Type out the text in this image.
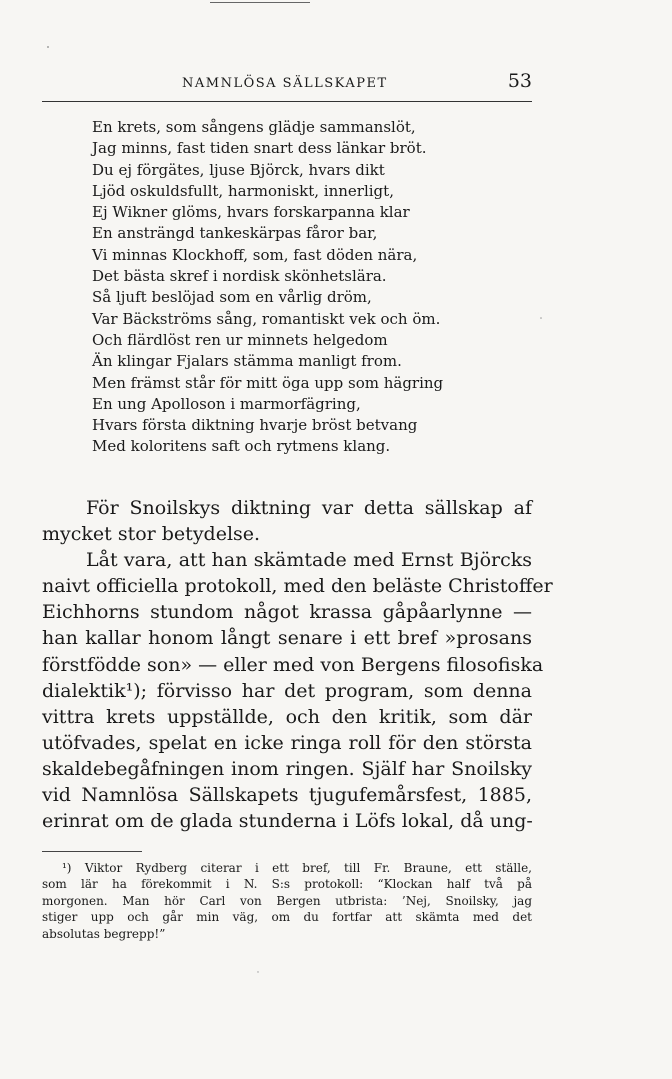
NAMNLÖSA SÄLLSKAPET	53
En krets, som sångens glädje sammanslöt,
Jag minns, fast tiden snart dess länkar bröt.
Du ej förgätes, ljuse Björck, hvars dikt
Ljöd oskuldsfullt, harmoniskt, innerligt,
Ej Wikner glöms, hvars forskarpanna klar
En ansträngd tankeskärpas fåror bar,
Vi minnas Klockhoff, som, fast döden nära,
Det bästa skref i nordisk skönhetslära.
Så ljuft beslöjad som en vårlig dröm,
Var Bäckströms sång, romantiskt vek och öm.
Och flärdlöst ren ur minnets helgedom
Än klingar Fjalars stämma manligt from.
Men främst står för mitt öga upp som hägring
En ung Apolloson i marmorfägring,
Hvars första diktning hvarje bröst betvang
Med koloritens saft och rytmens klang.
För Snoilskys diktning var detta sällskap af
mycket stor betydelse.
Låt vara, att han skämtade med Ernst Björcks
naivt officiella protokoll, med den beläste Christoffer
Eichhorns stundom något krassa gåpåarlynne —
han kallar honom långt senare i ett bref »prosans
förstfödde son» — eller med von Bergens filosofiska
dialektik¹); förvisso har det program, som denna
vittra krets uppställde, och den kritik, som där
utöfvades, spelat en icke ringa roll för den största
skaldebegåfningen inom ringen. Själf har Snoilsky
vid Namnlösa Sällskapets tjugufemårsfest, 1885,
erinrat om de glada stunderna i Löfs lokal, då ung-
¹) Viktor Rydberg citerar i ett bref, till Fr. Braune, ett ställe,
som lär ha förekommit i N. S:s protokoll: “Klockan half två på
morgonen. Man hör Carl von Bergen utbrista: ’Nej, Snoilsky, jag
stiger upp och går min väg, om du fortfar att skämta med det
absolutas begrepp!”
